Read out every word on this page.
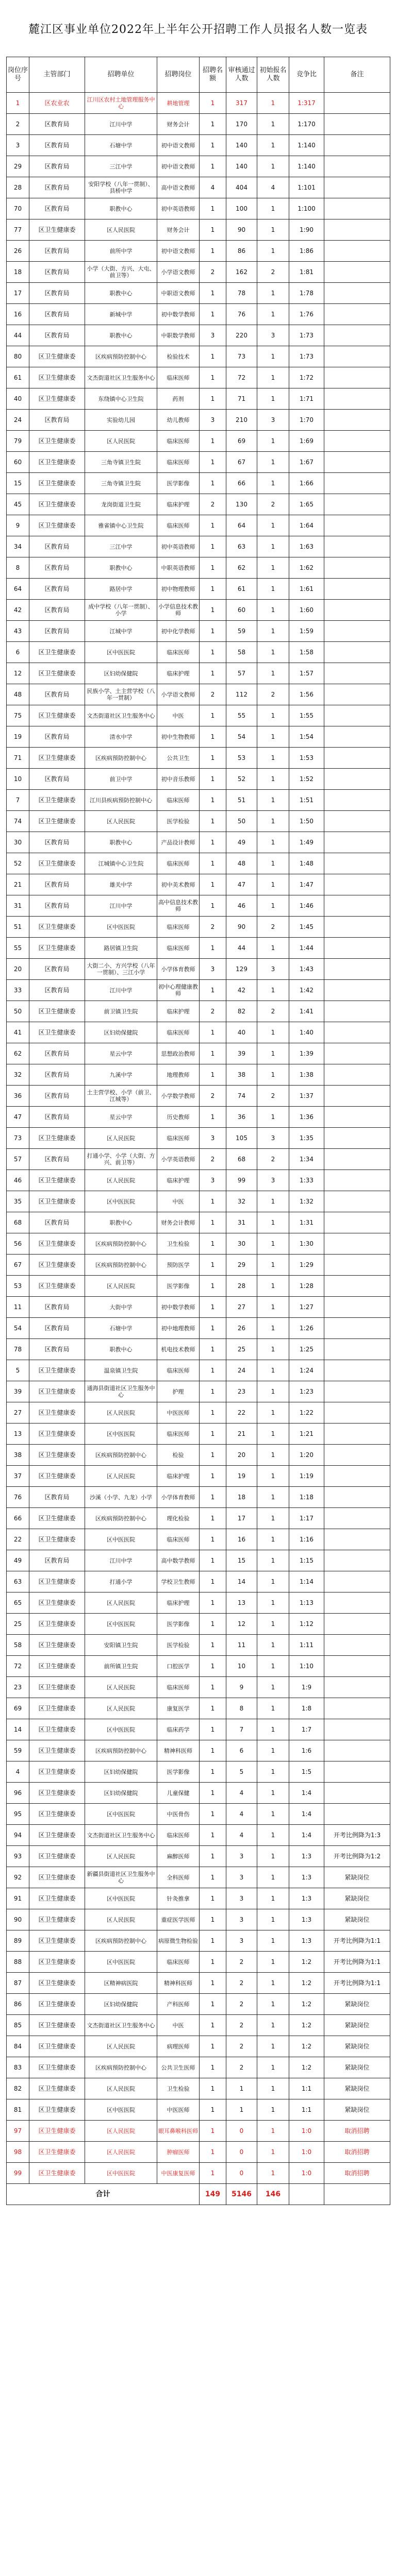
麓江区事业单位2022年上半年公开招聘工作人员报名人数一览表
岗位序号	主管部门	招聘单位	招聘岗位	招聘名额	审核通过人数	初始报名人数	竞争比	备注
1	区农业农	江川区农村土地管理服务中心	耕地管理	1	317	1	1:317	
2	区教育局	江川中学	财务会计	1	170	1	1:170	
3	区教育局	石塘中学	初中语文教师	1	140	1	1:140	
29	区教育局	三江中学	初中语文教师	1	140	1	1:140	
28	区教育局	安阳学校（八年一贯制）、县桥中学	高中语文教师	4	404	4	1:101	
70	区教育局	职教中心	初中英语教师	1	100	1	1:100	
77	区卫生健康委	区人民医院	财务会计	1	90	1	1:90	
26	区教育局	前所中学	初中语文教师	1	86	1	1:86	
18	区教育局	小学（大街、方兴、大屯、前卫等）	小学语文教师	2	162	2	1:81	
17	区教育局	职教中心	中职语文教师	1	78	1	1:78	
16	区教育局	新城中学	初中数学教师	1	76	1	1:76	
44	区教育局	职教中心	中职数学教师	3	220	3	1:73	
80	区卫生健康委	区疾病预防控制中心	检验技术	1	73	1	1:73	
61	区卫生健康委	文杰街道社区卫生服务中心	临床医师	1	72	1	1:72	
40	区卫生健康委	东绕镇中心卫生院	药剂	1	71	1	1:71	
24	区教育局	实验幼儿园	幼儿教师	3	210	3	1:70	
79	区卫生健康委	区人民医院	临床医师	1	69	1	1:69	
60	区卫生健康委	三角寺镇卫生院	临床医师	1	67	1	1:67	
15	区卫生健康委	三角寺镇卫生院	医学影像	1	66	1	1:66	
45	区卫生健康委	龙岗街道卫生院	临床护理	2	130	2	1:65	
9	区卫生健康委	雅雀镇中心卫生院	临床医师	1	64	1	1:64	
34	区教育局	三江中学	初中英语教师	1	63	1	1:63	
8	区教育局	职教中心	中职英语教师	1	62	1	1:62	
64	区教育局	路居中学	初中物理教师	1	61	1	1:61	
42	区教育局	成中学校（八年一贯制）、小学	小学信息技术教师	1	60	1	1:60	
43	区教育局	江城中学	初中化学教师	1	59	1	1:59	
6	区卫生健康委	区中医医院	临床医师	1	58	1	1:58	
12	区卫生健康委	区妇幼保健院	临床护理	1	57	1	1:57	
48	区教育局	民族小学、土主营学校（八年一贯制）	小学语文教师	2	112	2	1:56	
75	区卫生健康委	文杰街道社区卫生服务中心	中医	1	55	1	1:55	
19	区教育局	清水中学	初中生物教师	1	54	1	1:54	
71	区卫生健康委	区疾病预防控制中心	公共卫生	1	53	1	1:53	
10	区教育局	前卫中学	初中音乐教师	1	52	1	1:52	
7	区卫生健康委	江川县疾病预防控制中心	临床医师	1	51	1	1:51	
74	区卫生健康委	区人民医院	医学检验	1	50	1	1:50	
30	区教育局	职教中心	产品设计教师	1	49	1	1:49	
52	区卫生健康委	江城镇中心卫生院	临床医师	1	48	1	1:48	
21	区教育局	雄关中学	初中美术教师	1	47	1	1:47	
31	区教育局	江川中学	高中信息技术教师	1	46	1	1:46	
51	区卫生健康委	区中医医院	临床医师	2	90	2	1:45	
55	区卫生健康委	路居镇卫生院	临床医师	1	44	1	1:44	
20	区教育局	大街二小、方兴学校（八年一贯制）、三江小学	小学体育教师	3	129	3	1:43	
33	区教育局	江川中学	初中心理健康教师	1	42	1	1:42	
50	区卫生健康委	前卫镇卫生院	临床护理	2	82	2	1:41	
41	区卫生健康委	区妇幼保健院	临床医师	1	40	1	1:40	
62	区教育局	星云中学	思想政治教师	1	39	1	1:39	
32	区教育局	九溪中学	地理教师	1	38	1	1:38	
36	区教育局	土主营学校、小学（前卫、江城等）	小学数学教师	2	74	2	1:37	
47	区教育局	星云中学	历史教师	1	36	1	1:36	
73	区卫生健康委	区人民医院	临床医师	3	105	3	1:35	
57	区教育局	打通小学、小学（大街、方兴、前卫等）	小学英语教师	2	68	2	1:34	
46	区卫生健康委	区人民医院	临床护理	3	99	3	1:33	
35	区卫生健康委	区中医医院	中医	1	32	1	1:32	
68	区教育局	职教中心	财务会计教师	1	31	1	1:31	
56	区卫生健康委	区疾病预防控制中心	卫生检验	1	30	1	1:30	
67	区卫生健康委	区疾病预防控制中心	预防医学	1	29	1	1:29	
53	区卫生健康委	区人民医院	医学影像	1	28	1	1:28	
11	区教育局	大街中学	初中数学教师	1	27	1	1:27	
54	区教育局	石塘中学	初中地理教师	1	26	1	1:26	
78	区教育局	职教中心	机电技术教师	1	25	1	1:25	
5	区卫生健康委	温泉镇卫生院	临床医师	1	24	1	1:24	
39	区卫生健康委	通海县街道社区卫生服务中心	护理	1	23	1	1:23	
27	区卫生健康委	区人民医院	中医医师	1	22	1	1:22	
13	区卫生健康委	区中医医院	临床医师	1	21	1	1:21	
38	区卫生健康委	区疾病预防控制中心	检验	1	20	1	1:20	
37	区卫生健康委	区人民医院	临床护理	1	19	1	1:19	
76	区教育局	沙溪（小学、九龙）小学	小学体育教师	1	18	1	1:18	
66	区卫生健康委	区疾病预防控制中心	理化检验	1	17	1	1:17	
22	区卫生健康委	区中医医院	临床医师	1	16	1	1:16	
49	区教育局	江川中学	高中数学教师	1	15	1	1:15	
63	区卫生健康委	打通小学	学校卫生教师	1	14	1	1:14	
65	区卫生健康委	区人民医院	临床护理	1	13	1	1:13	
25	区卫生健康委	区中医医院	医学影像	1	12	1	1:12	
58	区卫生健康委	安阳镇卫生院	医学检验	1	11	1	1:11	
72	区卫生健康委	前所镇卫生院	口腔医学	1	10	1	1:10	
23	区卫生健康委	区人民医院	临床医师	1	9	1	1:9	
69	区卫生健康委	区人民医院	康复医学	1	8	1	1:8	
14	区卫生健康委	区中医医院	临床药学	1	7	1	1:7	
59	区卫生健康委	区疾病预防控制中心	精神科医师	1	6	1	1:6	
4	区卫生健康委	区妇幼保健院	医学影像	1	5	1	1:5	
96	区卫生健康委	区妇幼保健院	儿童保健	1	4	1	1:4	
95	区卫生健康委	区中医医院	中医骨伤	1	4	1	1:4	
94	区卫生健康委	文杰街道社区卫生服务中心	临床医师	1	4	1	1:4	开考比例降为1:3
93	区卫生健康委	区人民医院	麻醉医师	1	3	1	1:3	开考比例降为1:2
92	区卫生健康委	新疆县街道社区卫生服务中心	全科医师	1	3	1	1:3	紧缺岗位
91	区卫生健康委	区中医医院	针灸推拿	1	3	1	1:3	紧缺岗位
90	区卫生健康委	区人民医院	重症医学医师	1	3	1	1:3	紧缺岗位
89	区卫生健康委	区疾病预防控制中心	病原微生物检验	1	3	1	1:3	开考比例降为1:1
88	区卫生健康委	区中医医院	临床医师	1	2	1	1:2	开考比例降为1:1
87	区卫生健康委	区精神病医院	精神科医师	1	2	1	1:2	开考比例降为1:1
86	区卫生健康委	区妇幼保健院	产科医师	1	2	1	1:2	紧缺岗位
85	区卫生健康委	文杰街道社区卫生服务中心	中医	1	2	1	1:2	紧缺岗位
84	区卫生健康委	区人民医院	病理医师	1	2	1	1:2	紧缺岗位
83	区卫生健康委	区疾病预防控制中心	公共卫生医师	1	2	1	1:2	紧缺岗位
82	区卫生健康委	区人民医院	卫生检验	1	1	1	1:1	紧缺岗位
81	区卫生健康委	区中医医院	中医医师	1	1	1	1:1	紧缺岗位
97	区卫生健康委	区人民医院	眼耳鼻喉科医师	1	0	1	1:0	取消招聘
98	区卫生健康委	区人民医院	肿瘤医师	1	0	1	1:0	取消招聘
99	区卫生健康委	区中医医院	中医康复医师	1	0	1	1:0	取消招聘
合计				149	5146	146		
